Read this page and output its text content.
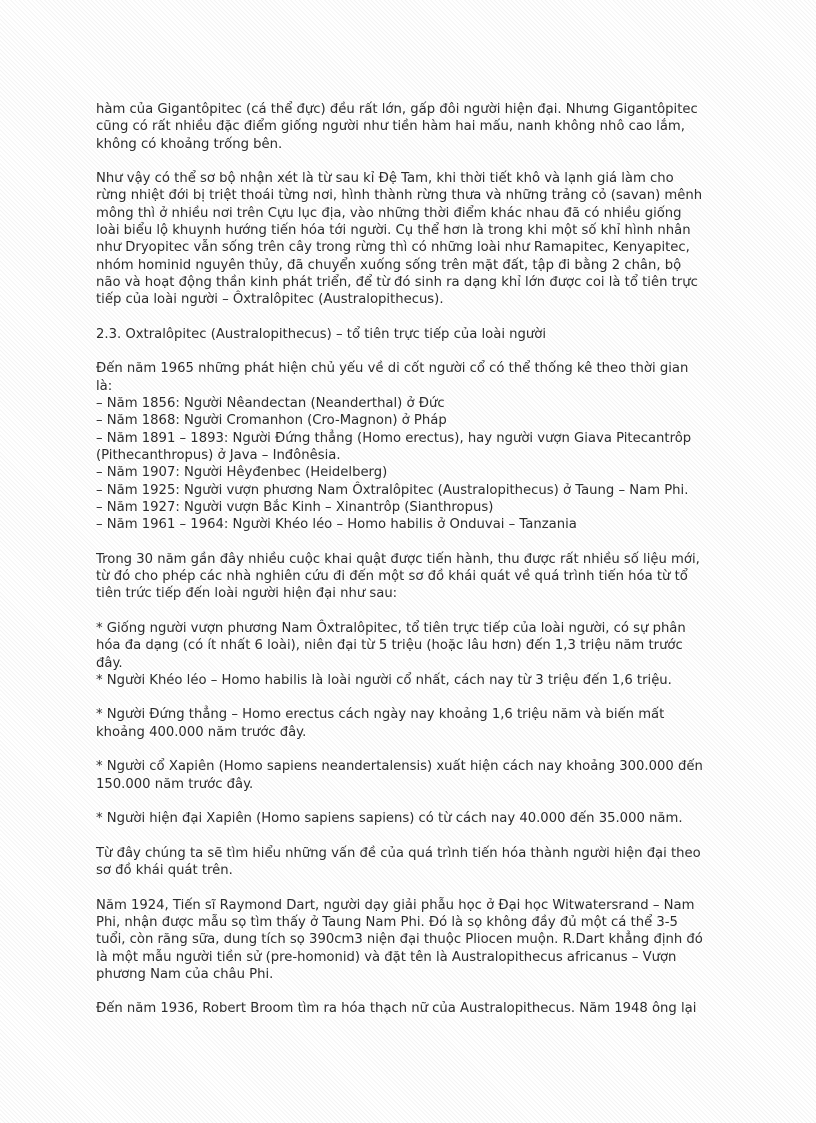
hàm của Gigantôpitec (cá thể đực) đều rất lớn, gấp đôi người hiện đại. Nhưng Gigantôpitec
cũng có rất nhiều đặc điểm giống người như tiền hàm hai mấu, nanh không nhô cao lắm,
không có khoảng trống bên.
Như vậy có thể sơ bộ nhận xét là từ sau kỉ Đệ Tam, khi thời tiết khô và lạnh giá làm cho
rừng nhiệt đới bị triệt thoái từng nơi, hình thành rừng thưa và những trảng cỏ (savan) mênh
mông thì ở nhiều nơi trên Cựu lục địa, vào những thời điểm khác nhau đã có nhiều giống
loài biểu lộ khuynh hướng tiến hóa tới người. Cụ thể hơn là trong khi một số khỉ hình nhân
như Dryopitec vẫn sống trên cây trong rừng thì có những loài như Ramapitec, Kenyapitec,
nhóm hominid nguyên thủy, đã chuyển xuống sống trên mặt đất, tập đi bằng 2 chân, bộ
não và hoạt động thần kinh phát triển, để từ đó sinh ra dạng khỉ lớn được coi là tổ tiên trực
tiếp của loài người – Ôxtralôpitec (Australopithecus).
2.3. Oxtralôpitec (Australopithecus) – tổ tiên trực tiếp của loài người
Đến năm 1965 những phát hiện chủ yếu về di cốt người cổ có thể thống kê theo thời gian
là:
– Năm 1856: Người Nêandectan (Neanderthal) ở Đức
– Năm 1868: Người Cromanhon (Cro-Magnon) ở Pháp
– Năm 1891 – 1893: Người Đứng thẳng (Homo erectus), hay người vượn Giava Pitecantrôp
(Pithecanthropus) ở Java – Inđônêsia.
– Năm 1907: Người Hêyđenbec (Heidelberg)
– Năm 1925: Người vượn phương Nam Ôxtralôpitec (Australopithecus) ở Taung – Nam Phi.
– Năm 1927: Người vượn Bắc Kinh – Xinantrôp (Sianthropus)
– Năm 1961 – 1964: Người Khéo léo – Homo habilis ở Onduvai – Tanzania
Trong 30 năm gần đây nhiều cuộc khai quật được tiến hành, thu được rất nhiều số liệu mới,
từ đó cho phép các nhà nghiên cứu đi đến một sơ đồ khái quát về quá trình tiến hóa từ tổ
tiên trức tiếp đến loài người hiện đại như sau:
* Giống người vượn phương Nam Ôxtralôpitec, tổ tiên trực tiếp của loài người, có sự phân
hóa đa dạng (có ít nhất 6 loài), niên đại từ 5 triệu (hoặc lâu hơn) đến 1,3 triệu năm trước
đây.
* Người Khéo léo – Homo habilis là loài người cổ nhất, cách nay từ 3 triệu đến 1,6 triệu.
* Người Đứng thẳng – Homo erectus cách ngày nay khoảng 1,6 triệu năm và biến mất
khoảng 400.000 năm trước đây.
* Người cổ Xapiên (Homo sapiens neandertalensis) xuất hiện cách nay khoảng 300.000 đến
150.000 năm trước đây.
* Người hiện đại Xapiên (Homo sapiens sapiens) có từ cách nay 40.000 đến 35.000 năm.
Từ đây chúng ta sẽ tìm hiểu những vấn đề của quá trình tiến hóa thành người hiện đại theo
sơ đồ khái quát trên.
Năm 1924, Tiến sĩ Raymond Dart, người dạy giải phẫu học ở Đại học Witwatersrand – Nam
Phi, nhận được mẫu sọ tìm thấy ở Taung Nam Phi. Đó là sọ không đầy đủ một cá thể 3-5
tuổi, còn răng sữa, dung tích sọ 390cm3 niện đại thuộc Pliocen muộn. R.Dart khẳng định đó
là một mẫu người tiền sử (pre-homonid) và đặt tên là Australopithecus africanus – Vượn
phương Nam của châu Phi.
Đến năm 1936, Robert Broom tìm ra hóa thạch nữ của Australopithecus. Năm 1948 ông lại
